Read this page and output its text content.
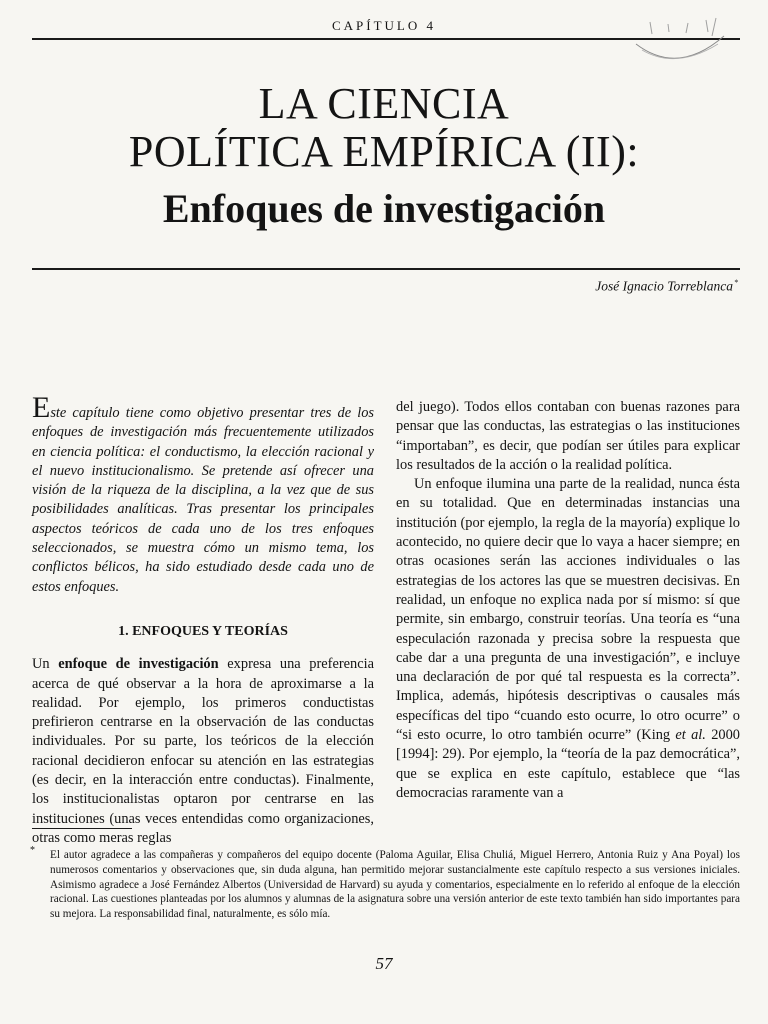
CAPÍTULO 4
LA CIENCIA
POLÍTICA EMPÍRICA (II):
Enfoques de investigación
José Ignacio Torreblanca*

Este capítulo tiene como objetivo presentar tres de los enfoques de investigación más frecuentemente utilizados en ciencia política: el conductismo, la elección racional y el nuevo institucionalismo. Se pretende así ofrecer una visión de la riqueza de la disciplina, a la vez que de sus posibilidades analíticas. Tras presentar los principales aspectos teóricos de cada uno de los tres enfoques seleccionados, se muestra cómo un mismo tema, los conflictos bélicos, ha sido estudiado desde cada uno de estos enfoques.

1. ENFOQUES Y TEORÍAS

Un enfoque de investigación expresa una preferencia acerca de qué observar a la hora de aproximarse a la realidad. Por ejemplo, los primeros conductistas prefirieron centrarse en la observación de las conductas individuales. Por su parte, los teóricos de la elección racional decidieron enfocar su atención en las estrategias (es decir, en la interacción entre conductas). Finalmente, los institucionalistas optaron por centrarse en las instituciones (unas veces entendidas como organizaciones, otras como meras reglas

del juego). Todos ellos contaban con buenas razones para pensar que las conductas, las estrategias o las instituciones “importaban”, es decir, que podían ser útiles para explicar los resultados de la acción o la realidad política.

Un enfoque ilumina una parte de la realidad, nunca ésta en su totalidad. Que en determinadas instancias una institución (por ejemplo, la regla de la mayoría) explique lo acontecido, no quiere decir que lo vaya a hacer siempre; en otras ocasiones serán las acciones individuales o las estrategias de los actores las que se muestren decisivas. En realidad, un enfoque no explica nada por sí mismo: sí que permite, sin embargo, construir teorías. Una teoría es “una especulación razonada y precisa sobre la respuesta que cabe dar a una pregunta de una investigación”, e incluye una declaración de por qué tal respuesta es la correcta”. Implica, además, hipótesis descriptivas o causales más específicas del tipo “cuando esto ocurre, lo otro ocurre” o “si esto ocurre, lo otro también ocurre” (King et al. 2000 [1994]: 29). Por ejemplo, la “teoría de la paz democrática”, que se explica en este capítulo, establece que “las democracias raramente van a

*	El autor agradece a las compañeras y compañeros del equipo docente (Paloma Aguilar, Elisa Chuliá, Miguel Herrero, Antonia Ruiz y Ana Poyal) los numerosos comentarios y observaciones que, sin duda alguna, han permitido mejorar sustancialmente este capítulo respecto a sus versiones iniciales. Asimismo agradece a José Fernández Albertos (Universidad de Harvard) su ayuda y comentarios, especialmente en lo referido al enfoque de la elección racional. Las cuestiones planteadas por los alumnos y alumnas de la asignatura sobre una versión anterior de este texto también han sido importantes para su mejora. La responsabilidad final, naturalmente, es sólo mía.
57
